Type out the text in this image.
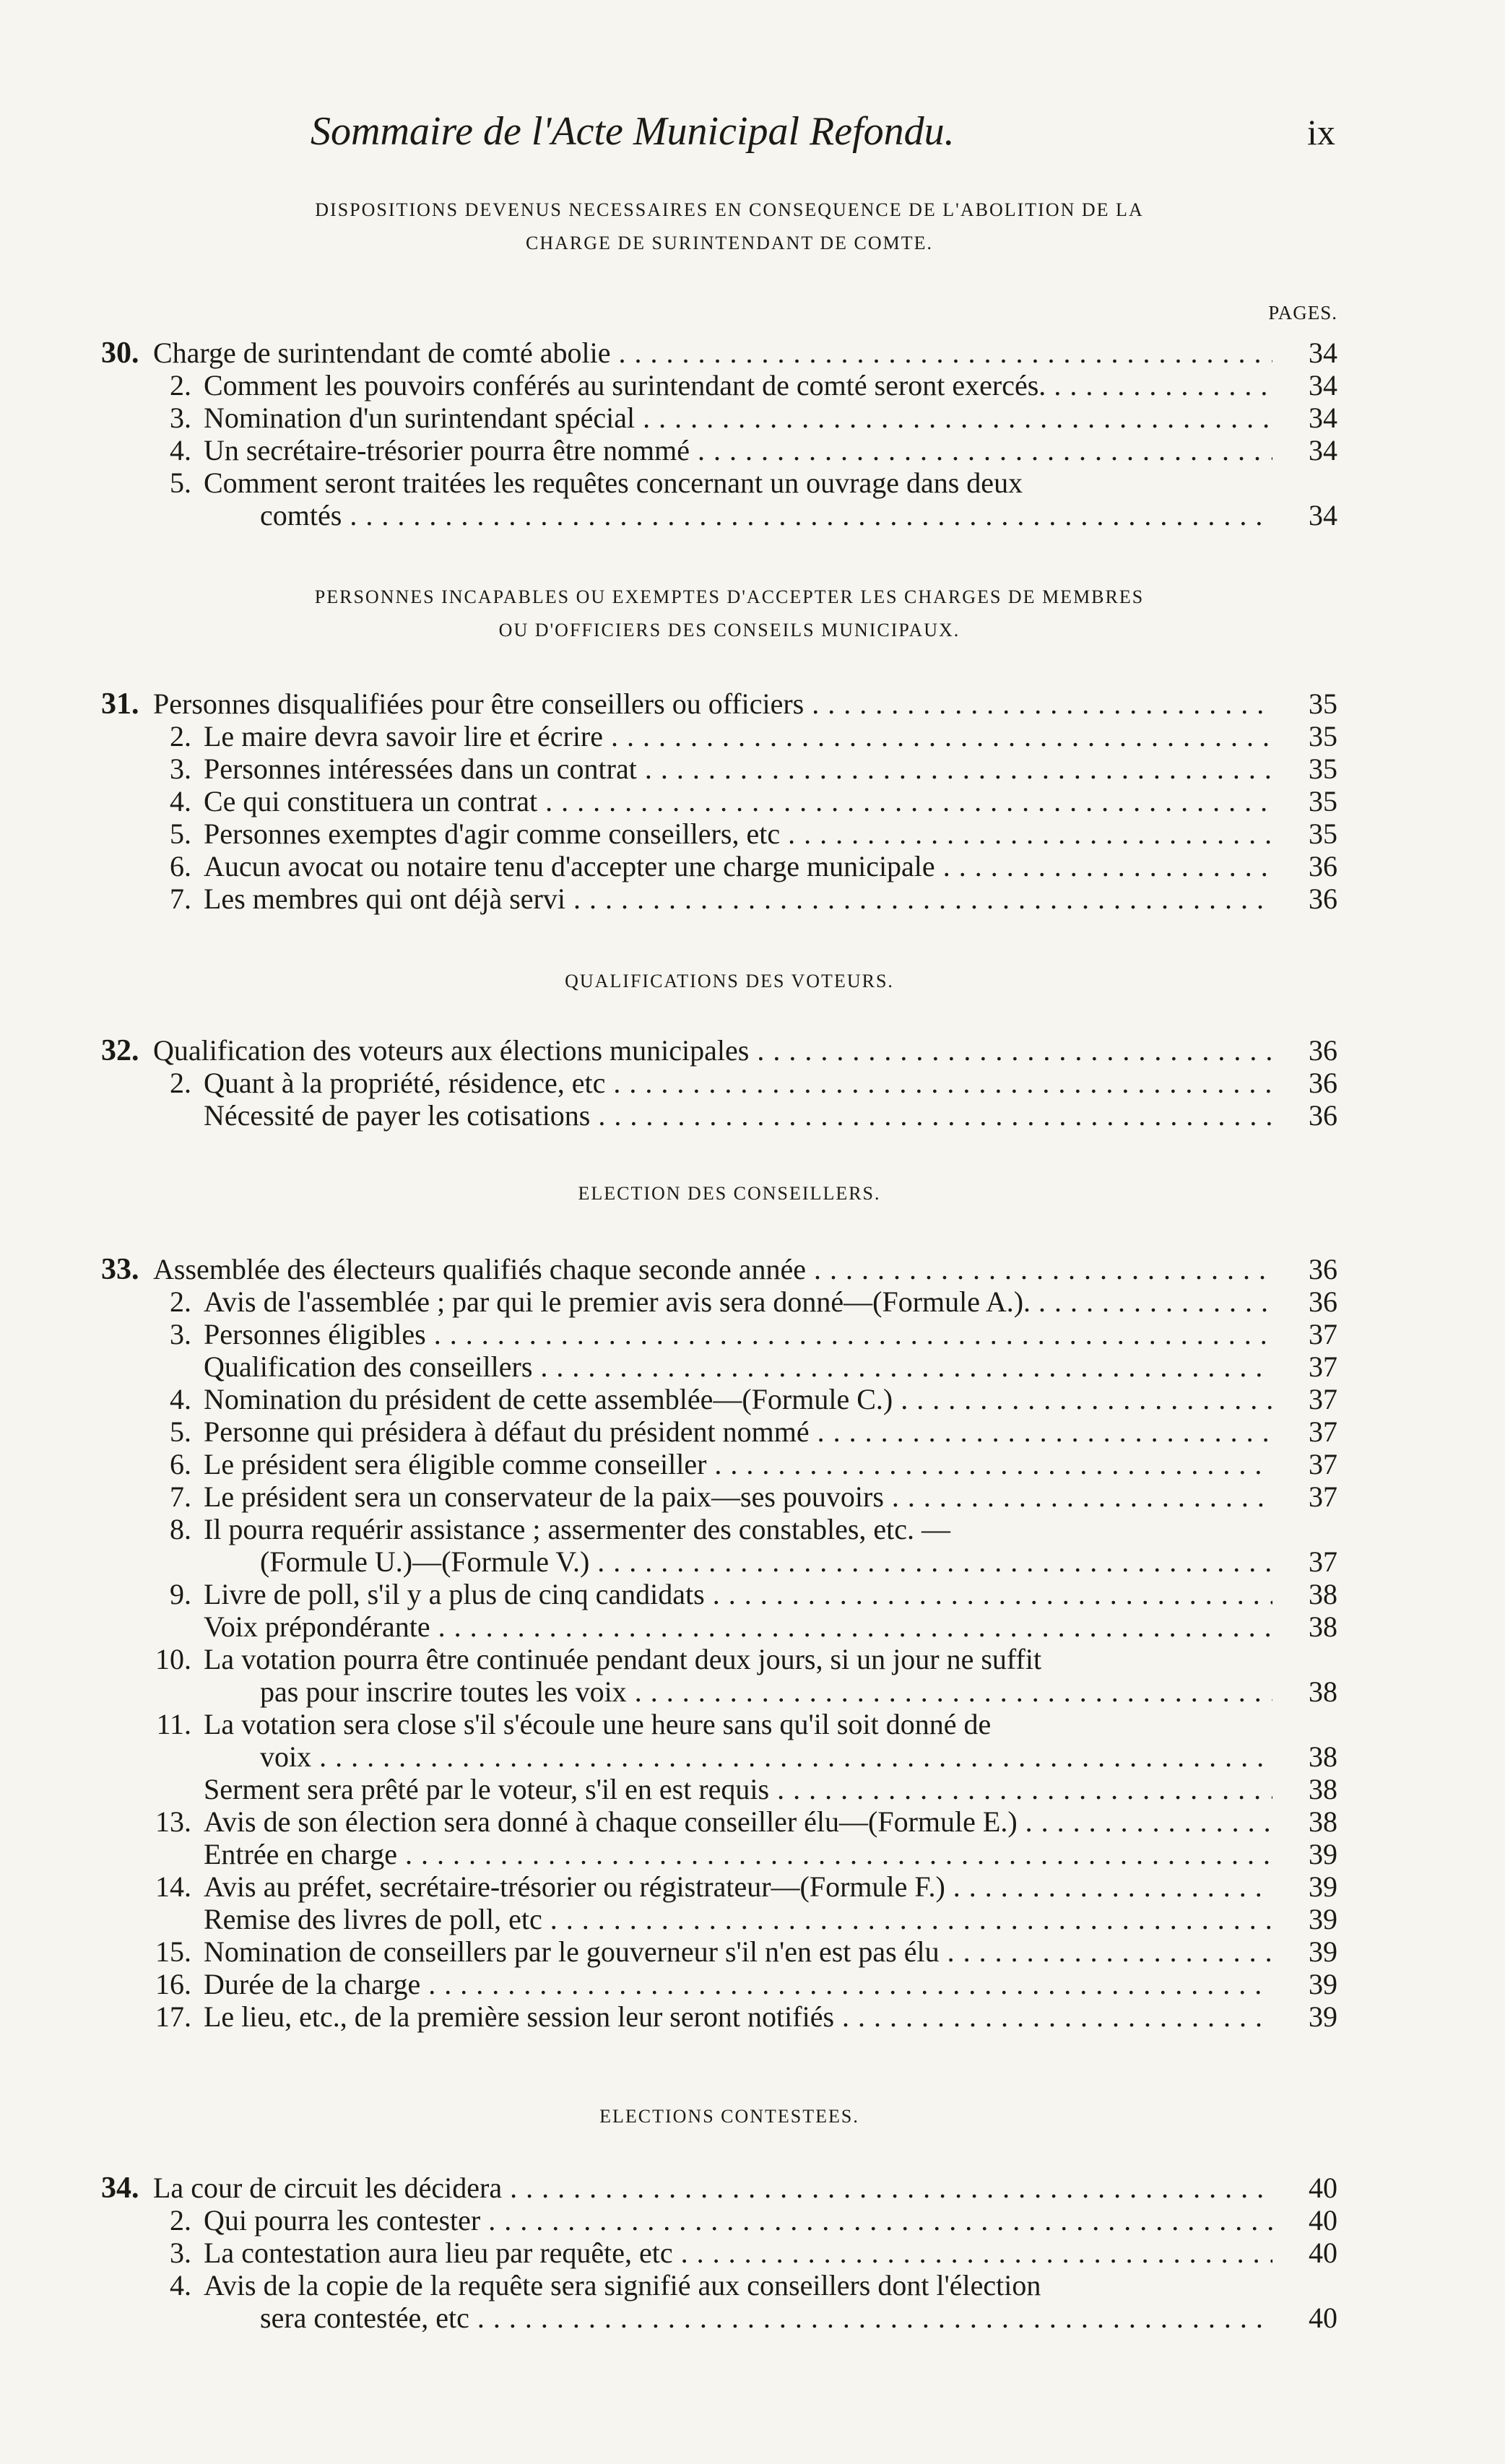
Sommaire de l'Acte Municipal Refondu.	ix
DISPOSITIONS DEVENUS NECESSAIRES EN CONSEQUENCE DE L'ABOLITION DE LA
CHARGE DE SURINTENDANT DE COMTE.
PAGES.
30. Charge de surintendant de comté abolie . . .	34
2. Comment les pouvoirs conférés au surintendant de comté seront exercés. . . .	34
3. Nomination d'un surintendant spécial . . .	34
4. Un secrétaire-trésorier pourra être nommé . . .	34
5. Comment seront traitées les requêtes concernant un ouvrage dans deux
comtés . . .	34
31. Personnes disqualifiées pour être conseillers ou officiers . . .	35
2. Le maire devra savoir lire et écrire . . .	35
3. Personnes intéressées dans un contrat . . .	35
4. Ce qui constituera un contrat . . .	35
5. Personnes exemptes d'agir comme conseillers, etc . . .	35
6. Aucun avocat ou notaire tenu d'accepter une charge municipale . . .	36
7. Les membres qui ont déjà servi . . .	36
32. Qualification des voteurs aux élections municipales . . .	36
2. Quant à la propriété, résidence, etc . . .	36
Nécessité de payer les cotisations . . .	36
33. Assemblée des électeurs qualifiés chaque seconde année . . .	36
2. Avis de l'assemblée ; par qui le premier avis sera donné—(Formule A.). . . .	36
3. Personnes éligibles . . .	37
Qualification des conseillers . . .	37
4. Nomination du président de cette assemblée—(Formule C.) . . .	37
5. Personne qui présidera à défaut du président nommé . . .	37
6. Le président sera éligible comme conseiller . . .	37
7. Le président sera un conservateur de la paix—ses pouvoirs . . .	37
8. Il pourra requérir assistance ; assermenter des constables, etc. —
(Formule U.)—(Formule V.) . . .	37
9. Livre de poll, s'il y a plus de cinq candidats . . .	38
Voix prépondérante . . .	38
10. La votation pourra être continuée pendant deux jours, si un jour ne suffit
pas pour inscrire toutes les voix . . .	38
11. La votation sera close s'il s'écoule une heure sans qu'il soit donné de
voix . . .	38
Serment sera prêté par le voteur, s'il en est requis . . .	38
13. Avis de son élection sera donné à chaque conseiller élu—(Formule E.) . . .	38
Entrée en charge . . .	39
14. Avis au préfet, secrétaire-trésorier ou régistrateur—(Formule F.) . . .	39
Remise des livres de poll, etc . . .	39
15. Nomination de conseillers par le gouverneur s'il n'en est pas élu . . .	39
16. Durée de la charge . . .	39
17. Le lieu, etc., de la première session leur seront notifiés . . .	39
34. La cour de circuit les décidera . . .	40
2. Qui pourra les contester . . .	40
3. La contestation aura lieu par requête, etc . . .	40
4. Avis de la copie de la requête sera signifié aux conseillers dont l'élection
sera contestée, etc . . .	40
PERSONNES INCAPABLES OU EXEMPTES D'ACCEPTER LES CHARGES DE MEMBRES
OU D'OFFICIERS DES CONSEILS MUNICIPAUX.
QUALIFICATIONS DES VOTEURS.
ELECTION DES CONSEILLERS.
ELECTIONS CONTESTEES.
